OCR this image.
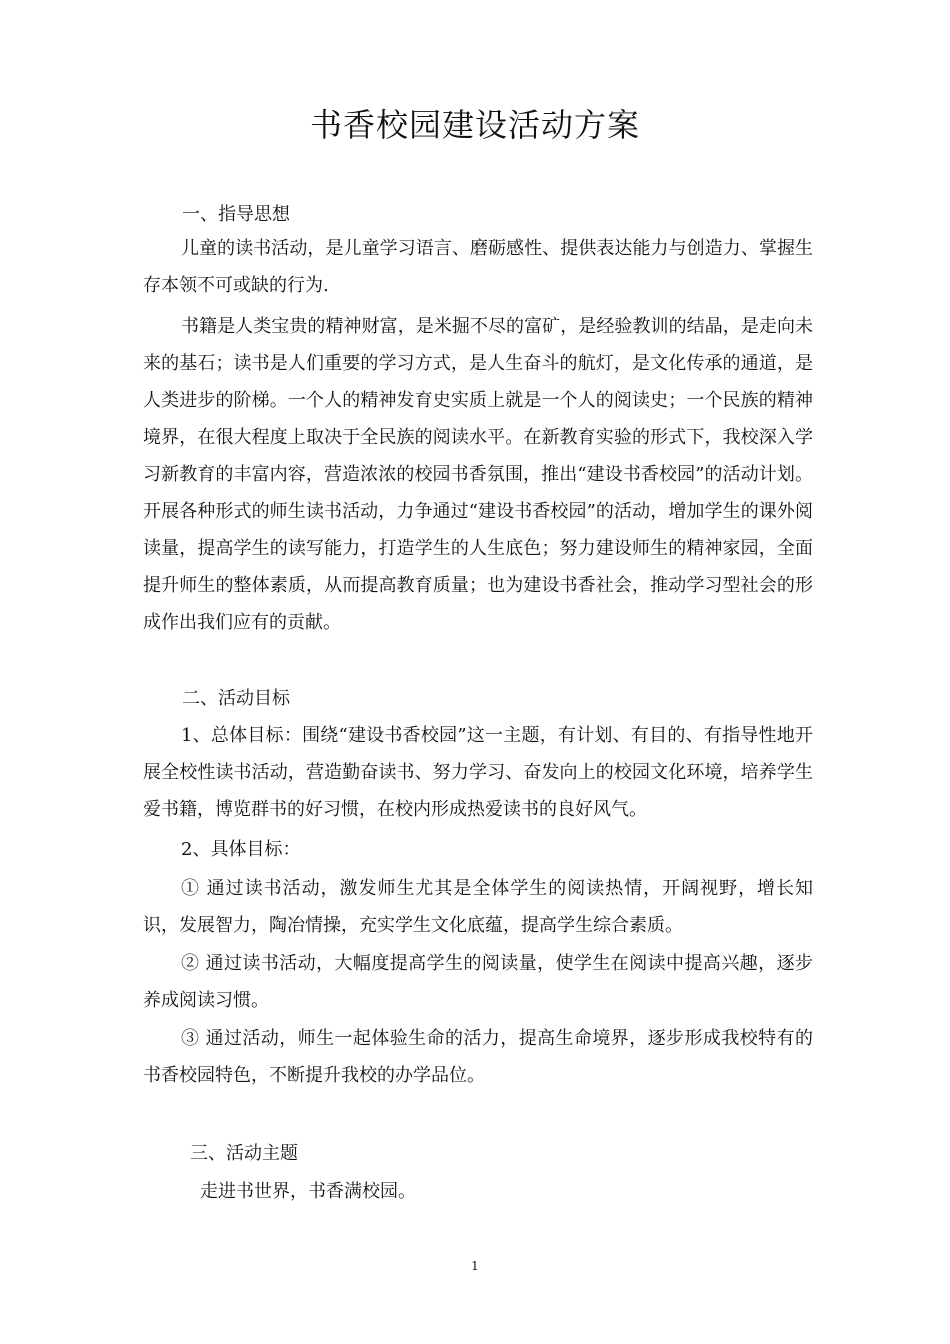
书香校园建设活动方案
一、指导思想

儿童的读书活动，是儿童学习语言、磨砺感性、提供表达能力与创造力、掌握生存本领不可或缺的行为.

书籍是人类宝贵的精神财富，是米掘不尽的富矿，是经验教训的结晶，是走向未来的基石；读书是人们重要的学习方式，是人生奋斗的航灯，是文化传承的通道，是人类进步的阶梯。一个人的精神发育史实质上就是一个人的阅读史；一个民族的精神境界，在很大程度上取决于全民族的阅读水平。在新教育实验的形式下，我校深入学习新教育的丰富内容，营造浓浓的校园书香氛围，推出“建设书香校园”的活动计划。开展各种形式的师生读书活动，力争通过“建设书香校园”的活动，增加学生的课外阅读量，提高学生的读写能力，打造学生的人生底色；努力建设师生的精神家园，全面提升师生的整体素质，从而提高教育质量；也为建设书香社会，推动学习型社会的形成作出我们应有的贡献。

二、活动目标

1、总体目标：围绕“建设书香校园”这一主题，有计划、有目的、有指导性地开展全校性读书活动，营造勤奋读书、努力学习、奋发向上的校园文化环境，培养学生爱书籍，博览群书的好习惯，在校内形成热爱读书的良好风气。

2、具体目标：

① 通过读书活动，激发师生尤其是全体学生的阅读热情，开阔视野，增长知识，发展智力，陶冶情操，充实学生文化底蕴，提高学生综合素质。

② 通过读书活动，大幅度提高学生的阅读量，使学生在阅读中提高兴趣，逐步养成阅读习惯。

③ 通过活动，师生一起体验生命的活力，提高生命境界，逐步形成我校特有的书香校园特色，不断提升我校的办学品位。

三、活动主题
走进书世界，书香满校园。
1
